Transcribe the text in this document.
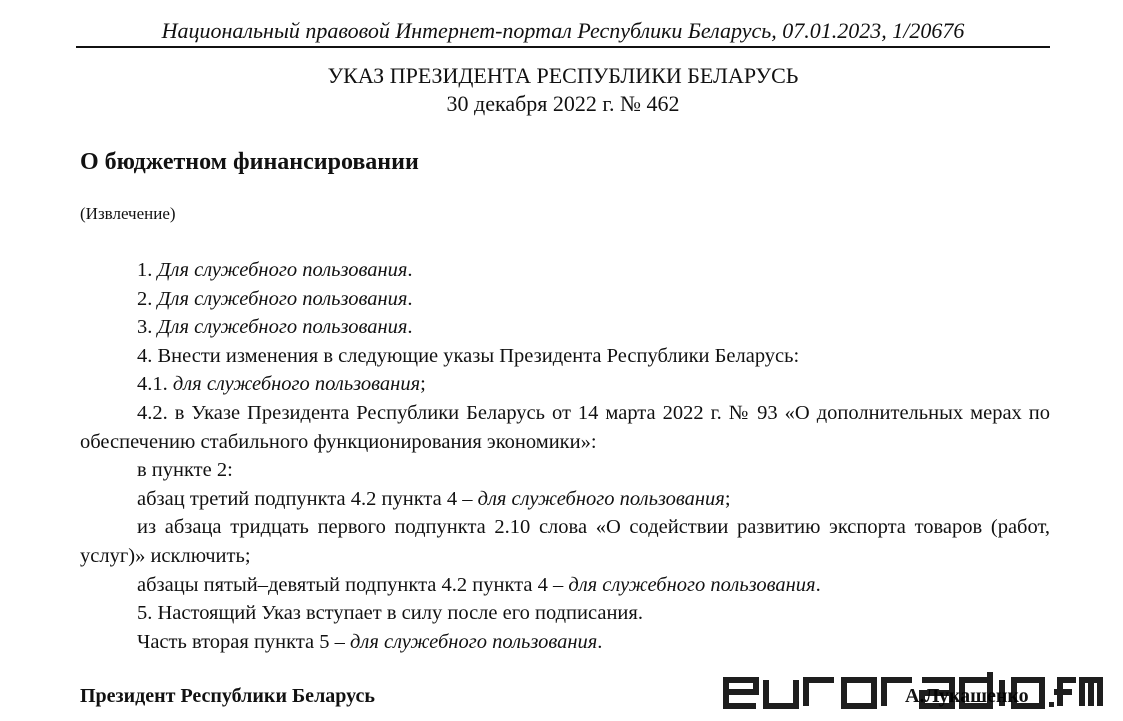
Национальный правовой Интернет-портал Республики Беларусь, 07.01.2023, 1/20676
УКАЗ ПРЕЗИДЕНТА РЕСПУБЛИКИ БЕЛАРУСЬ
30 декабря 2022 г. № 462
О бюджетном финансировании
(Извлечение)

1. Для служебного пользования.

2. Для служебного пользования.

3. Для служебного пользования.

4. Внести изменения в следующие указы Президента Республики Беларусь:

4.1. для служебного пользования;

4.2. в Указе Президента Республики Беларусь от 14 марта 2022 г. № 93 «О дополнительных мерах по обеспечению стабильного функционирования экономики»:

в пункте 2:

абзац третий подпункта 4.2 пункта 4 – для служебного пользования;

из абзаца тридцать первого подпункта 2.10 слова «О содействии развитию экспорта товаров (работ, услуг)» исключить;

абзацы пятый–девятый подпункта 4.2 пункта 4 – для служебного пользования.

5. Настоящий Указ вступает в силу после его подписания.

Часть вторая пункта 5 – для служебного пользования.

Президент Республики Беларусь	А.Лукашенко
